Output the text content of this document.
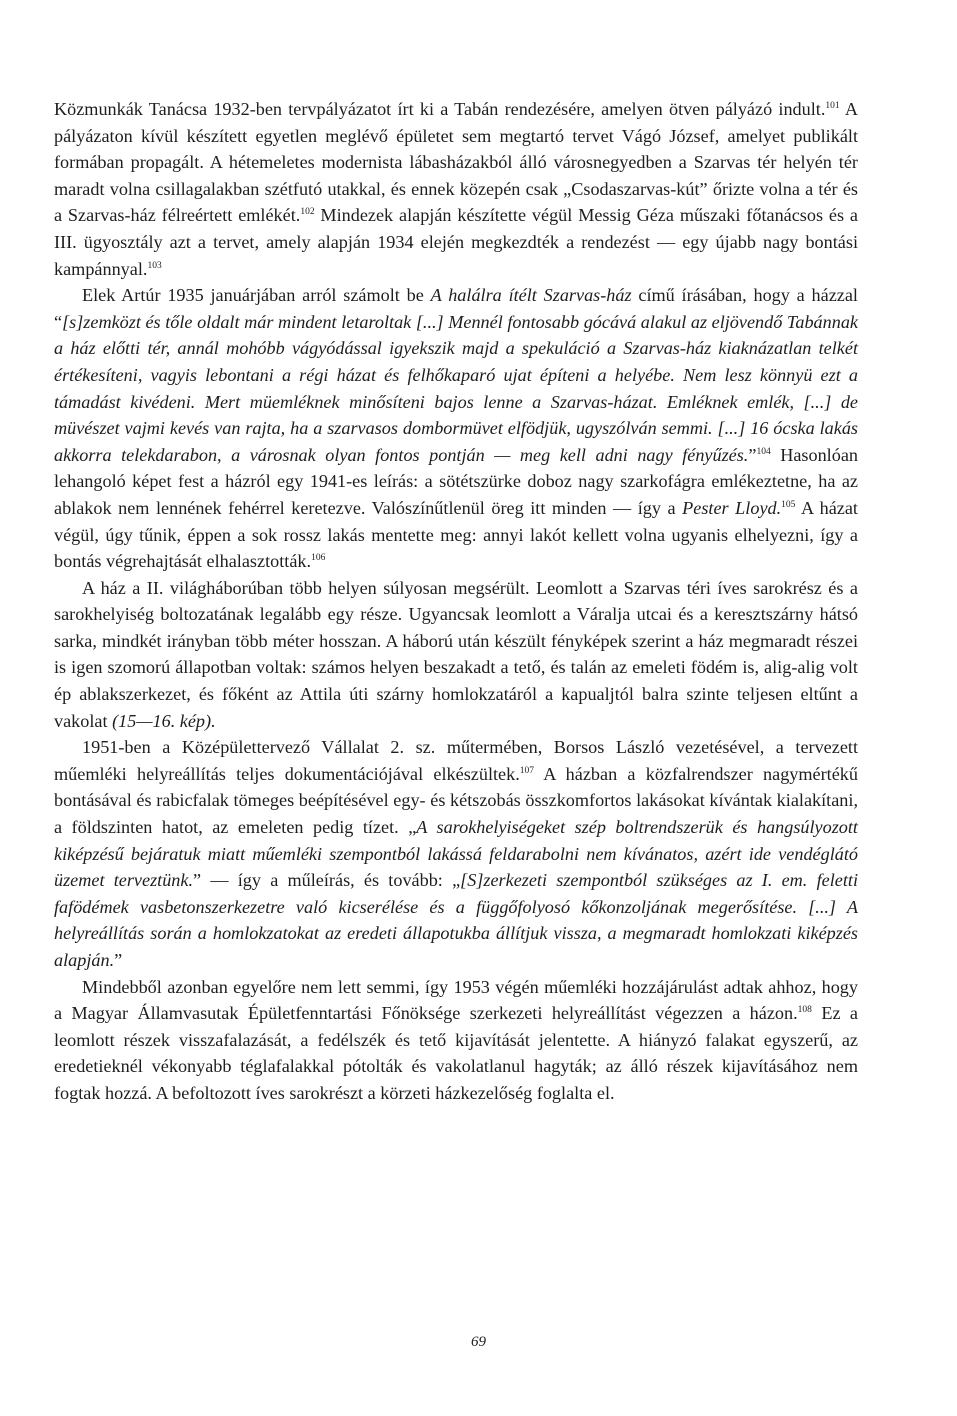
Közmunkák Tanácsa 1932-ben tervpályázatot írt ki a Tabán rendezésére, amelyen ötven pályázó indult.$^{101}$ A pályázaton kívül készített egyetlen meglévő épületet sem megtartó tervet Vágó József, amelyet publikált formában propagált. A hétemeletes modernista lábasházakból álló városnegyedben a Szarvas tér helyén tér maradt volna csillagalakban szétfutó utakkal, és ennek közepén csak „Csodaszarvas-kút” őrizte volna a tér és a Szarvas-ház félreértett emlékét.$^{102}$ Mindezek alapján készítette végül Messig Géza műszaki főtanácsos és a III. ügyosztály azt a tervet, amely alapján 1934 elején megkezdték a rendezést — egy újabb nagy bontási kampánnyal.$^{103}$

Elek Artúr 1935 januárjában arról számolt be A halálra ítélt Szarvas-ház című írásában, hogy a házzal “[s]zemközt és tőle oldalt már mindent letaroltak [...] Mennél fontosabb gócává alakul az eljövendő Tabánnak a ház előtti tér, annál mohóbb vágyódással igyekszik majd a spekuláció a Szarvas-ház kiaknázatlan telkét értékesíteni, vagyis lebontani a régi házat és felhőkaparó ujat építeni a helyébe. Nem lesz könnyü ezt a támadást kivédeni. Mert müemléknek minősíteni bajos lenne a Szarvas-házat. Emléknek emlék, [...] de müvészet vajmi kevés van rajta, ha a szarvasos dombormüvet elfödjük, ugyszólván semmi. [...] 16 ócska lakás akkorra telekdarabon, a városnak olyan fontos pontján — meg kell adni nagy fényűzés.”$^{104}$ Hasonlóan lehangoló képet fest a házról egy 1941-es leírás: a sötétszürke doboz nagy szarkofágra emlékeztetne, ha az ablakok nem lennének fehérrel keretezve. Valószínűtlenül öreg itt minden — így a Pester Lloyd.$^{105}$ A házat végül, úgy tűnik, éppen a sok rossz lakás mentette meg: annyi lakót kellett volna ugyanis elhelyezni, így a bontás végrehajtását elhalasztották.$^{106}$

A ház a II. világháborúban több helyen súlyosan megsérült. Leomlott a Szarvas téri íves sarokrész és a sarokhelyiség boltozatának legalább egy része. Ugyancsak leomlott a Váralja utcai és a keresztszárny hátsó sarka, mindkét irányban több méter hosszan. A háború után készült fényképek szerint a ház megmaradt részei is igen szomorú állapotban voltak: számos helyen beszakadt a tető, és talán az emeleti födém is, alig-alig volt ép ablakszerkezet, és főként az Attila úti szárny homlokzatáról a kapualjtól balra szinte teljesen eltűnt a vakolat (15—16. kép).

1951-ben a Középülettervező Vállalat 2. sz. műtermében, Borsos László vezetésével, a tervezett műemléki helyreállítás teljes dokumentációjával elkészültek.$^{107}$ A házban a közfalrendszer nagymértékű bontásával és rabicfalak tömeges beépítésével egy- és kétszobás összkomfortos lakásokat kívántak kialakítani, a földszinten hatot, az emeleten pedig tízet. „A sarokhelyiségeket szép boltrendszerük és hangsúlyozott kiképzésű bejáratuk miatt műemléki szempontból lakássá feldarabolni nem kívánatos, azért ide vendéglátó üzemet terveztünk.” — így a műleírás, és tovább: „[S]zerkezeti szempontból szükséges az I. em. feletti fafödémek vasbetonszerkezetre való kicserélése és a függőfolyosó kőkonzoljának megerősítése. [...] A helyreállítás során a homlokzatokat az eredeti állapotukba állítjuk vissza, a megmaradt homlokzati kiképzés alapján.”

Mindebből azonban egyelőre nem lett semmi, így 1953 végén műemléki hozzájárulást adtak ahhoz, hogy a Magyar Államvasutak Épületfenntartási Főnöksége szerkezeti helyreállítást végezzen a házon.$^{108}$ Ez a leomlott részek visszafalazását, a fedélszék és tető kijavítását jelentette. A hiányzó falakat egyszerű, az eredetieknél vékonyabb téglafalakkal pótolták és vakolatlanul hagyták; az álló részek kijavításához nem fogtak hozzá. A befoltozott íves sarokrészt a körzeti házkezelőség foglalta el.

69
